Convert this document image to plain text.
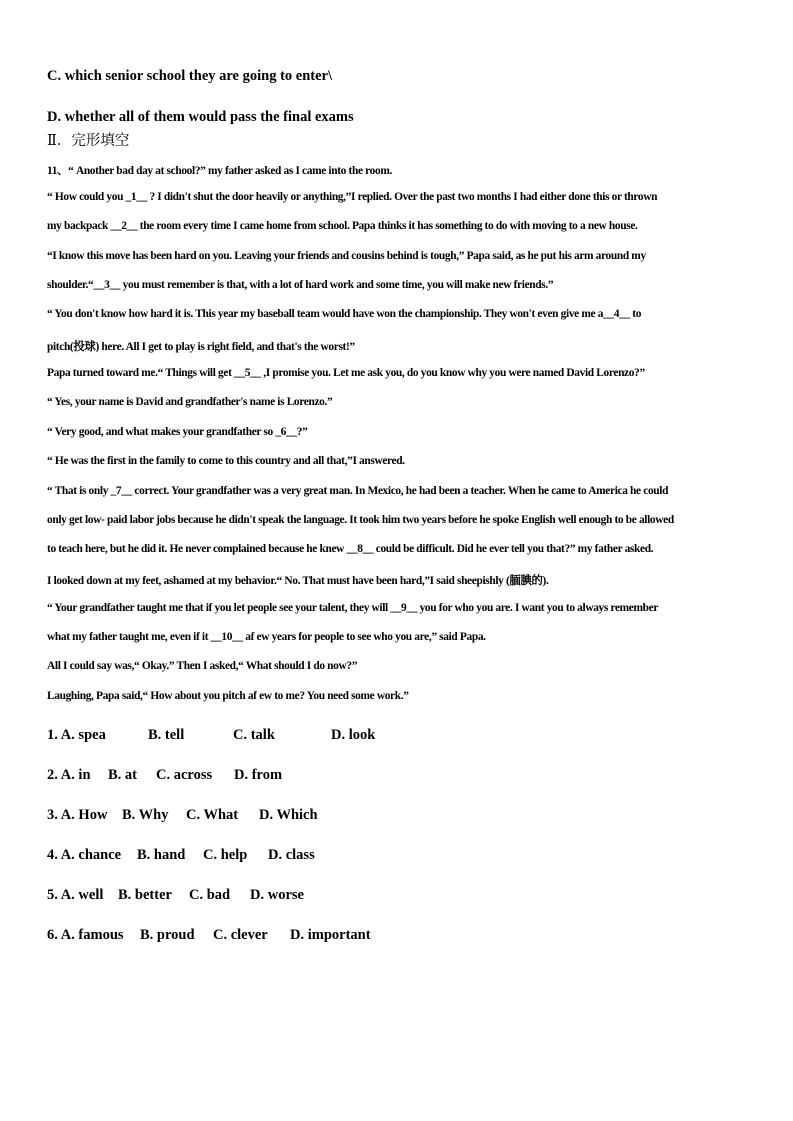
C. which senior school they are going to enter\
D. whether all of them would pass the final exams
Ⅱ．完形填空
11、“ Another bad day at school?” my father asked as I came into the room.
“ How could you _1__ ? I didn't shut the door heavily or anything,”I replied. Over the past two months I had either done this or thrown
my backpack __2__ the room every time I came home from school. Papa thinks it has something to do with moving to a new house.
“I know this move has been hard on you. Leaving your friends and cousins behind is tough,” Papa said, as he put his arm around my
shoulder.“__3__ you must remember is that, with a lot of hard work and some time, you will make new friends.”
“ You don't know how hard it is. This year my baseball team would have won the championship. They won't even give me a__4__ to
pitch(投球) here. All I get to play is right field, and that's the worst!”
Papa turned toward me.“ Things will get __5__ ,I promise you. Let me ask you, do you know why you were named David Lorenzo?”
“ Yes, your name is David and grandfather's name is Lorenzo.”
“ Very good, and what makes your grandfather so _6__?”
“ He was the first in the family to come to this country and all that,”I answered.
“ That is only _7__ correct. Your grandfather was a very great man. In Mexico, he had been a teacher. When he came to America he could
only get low- paid labor jobs because he didn't speak the language. It took him two years before he spoke English well enough to be allowed
to teach here, but he did it. He never complained because he knew __8__ could be difficult. Did he ever tell you that?” my father asked.
I looked down at my feet, ashamed at my behavior.“ No. That must have been hard,”I said sheepishly (腼腆的).
“ Your grandfather taught me that if you let people see your talent, they will __9__ you for who you are. I want you to always remember
what my father taught me, even if it __10__ af ew years for people to see who you are,” said Papa.
All I could say was,“ Okay.” Then I asked,“ What should I do now?”
Laughing, Papa said,“ How about you pitch af ew to me? You need some work.”
1. A. spea	B. tell	C. talk	D. look
2. A. in B. at C. across D. from
3. A. How B. Why C. What D. Which
4. A. chance B. hand C. help D. class
5. A. well B. better C. bad D. worse
6. A. famous B. proud C. clever D. important
